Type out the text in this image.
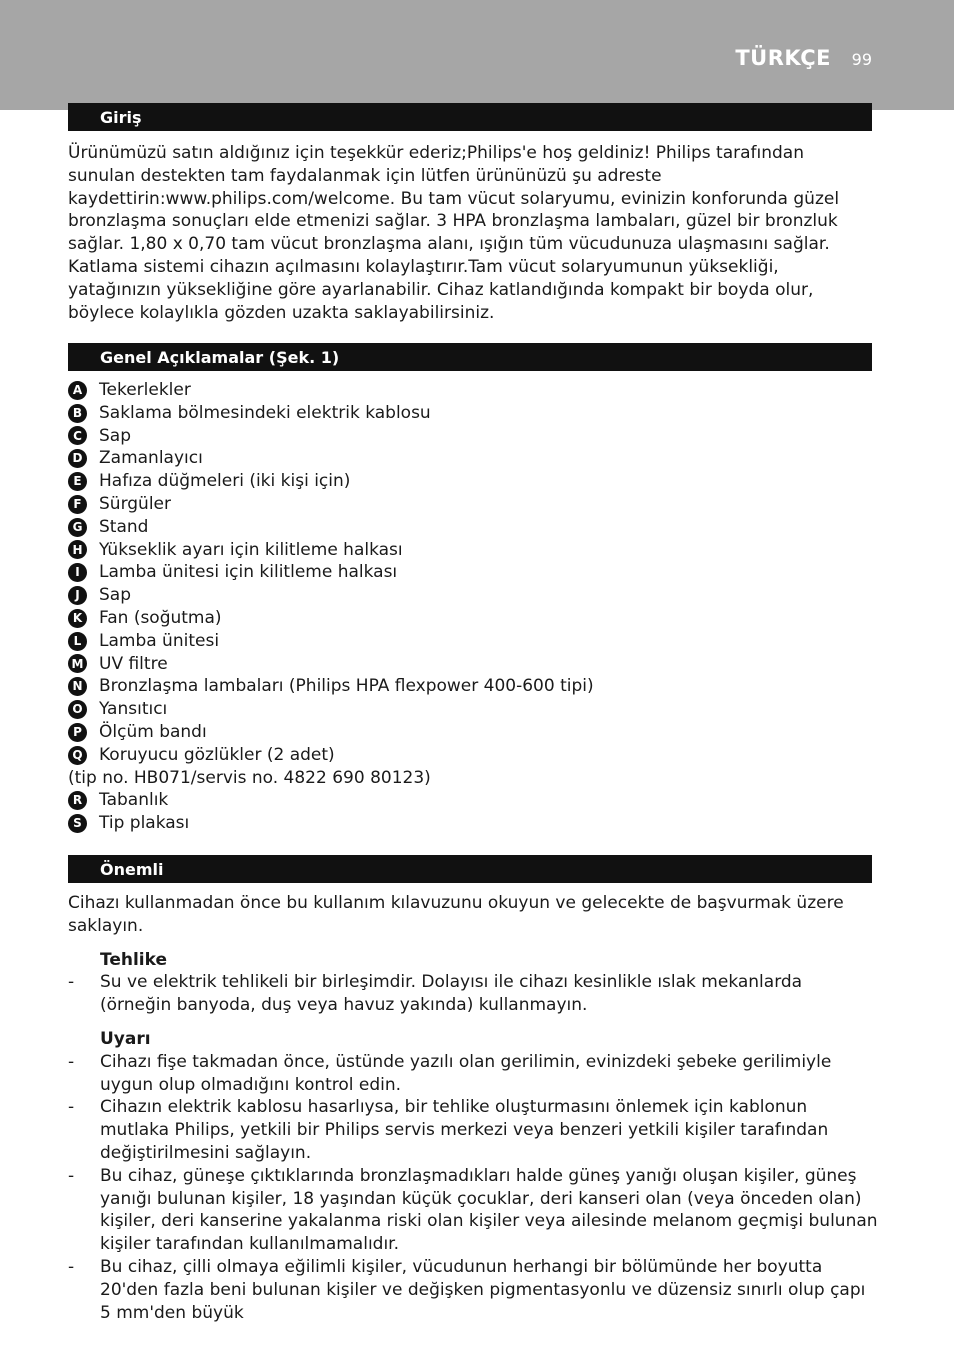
TÜRKÇE 99
Giriş

Ürünümüzü satın aldığınız için teşekkür ederiz;Philips'e hoş geldiniz! Philips tarafından sunulan destekten tam faydalanmak için lütfen ürününüzü şu adreste kaydettirin:www.philips.com/welcome. Bu tam vücut solaryumu, evinizin konforunda güzel bronzlaşma sonuçları elde etmenizi sağlar. 3 HPA bronzlaşma lambaları, güzel bir bronzluk sağlar. 1,80 x 0,70 tam vücut bronzlaşma alanı, ışığın tüm vücudunuza ulaşmasını sağlar.

Katlama sistemi cihazın açılmasını kolaylaştırır.Tam vücut solaryumunun yüksekliği, yatağınızın yüksekliğine göre ayarlanabilir. Cihaz katlandığında kompakt bir boyda olur, böylece kolaylıkla gözden uzakta saklayabilirsiniz.

Genel Açıklamalar (Şek. 1)
A Tekerlekler
B Saklama bölmesindeki elektrik kablosu
C Sap
D Zamanlayıcı
E	Hafıza düğmeleri (iki kişi için)
F	Sürgüler
G Stand
H Yükseklik ayarı için kilitleme halkası
I	Lamba ünitesi için kilitleme halkası
J	Sap
K Fan (soğutma)
L	Lamba ünitesi
M UV filtre
N Bronzlaşma lambaları (Philips HPA flexpower 400-600 tipi)
O Yansıtıcı
P	Ölçüm bandı
Q Koruyucu gözlükler (2 adet)
(tip no. HB071/servis no. 4822 690 80123)
R Tabanlık
S	Tip plakası
Önemli

Cihazı kullanmadan önce bu kullanım kılavuzunu okuyun ve gelecekte de başvurmak üzere saklayın.

Tehlike
-	Su ve elektrik tehlikeli bir birleşimdir. Dolayısı ile cihazı kesinlikle ıslak mekanlarda (örneğin banyoda, duş veya havuz yakında) kullanmayın.
Uyarı
-	Cihazı fişe takmadan önce, üstünde yazılı olan gerilimin, evinizdeki şebeke gerilimiyle uygun olup olmadığını kontrol edin.
-	Cihazın elektrik kablosu hasarlıysa, bir tehlike oluşturmasını önlemek için kablonun mutlaka Philips, yetkili bir Philips servis merkezi veya benzeri yetkili kişiler tarafından değiştirilmesini sağlayın.
-	Bu cihaz, güneşe çıktıklarında bronzlaşmadıkları halde güneş yanığı oluşan kişiler, güneş yanığı bulunan kişiler, 18 yaşından küçük çocuklar, deri kanseri olan (veya önceden olan) kişiler, deri kanserine yakalanma riski olan kişiler veya ailesinde melanom geçmişi bulunan kişiler tarafından kullanılmamalıdır.
-	Bu cihaz, çilli olmaya eğilimli kişiler, vücudunun herhangi bir bölümünde her boyutta 20'den fazla beni bulunan kişiler ve değişken pigmentasyonlu ve düzensiz sınırlı olup çapı 5 mm'den büyük
